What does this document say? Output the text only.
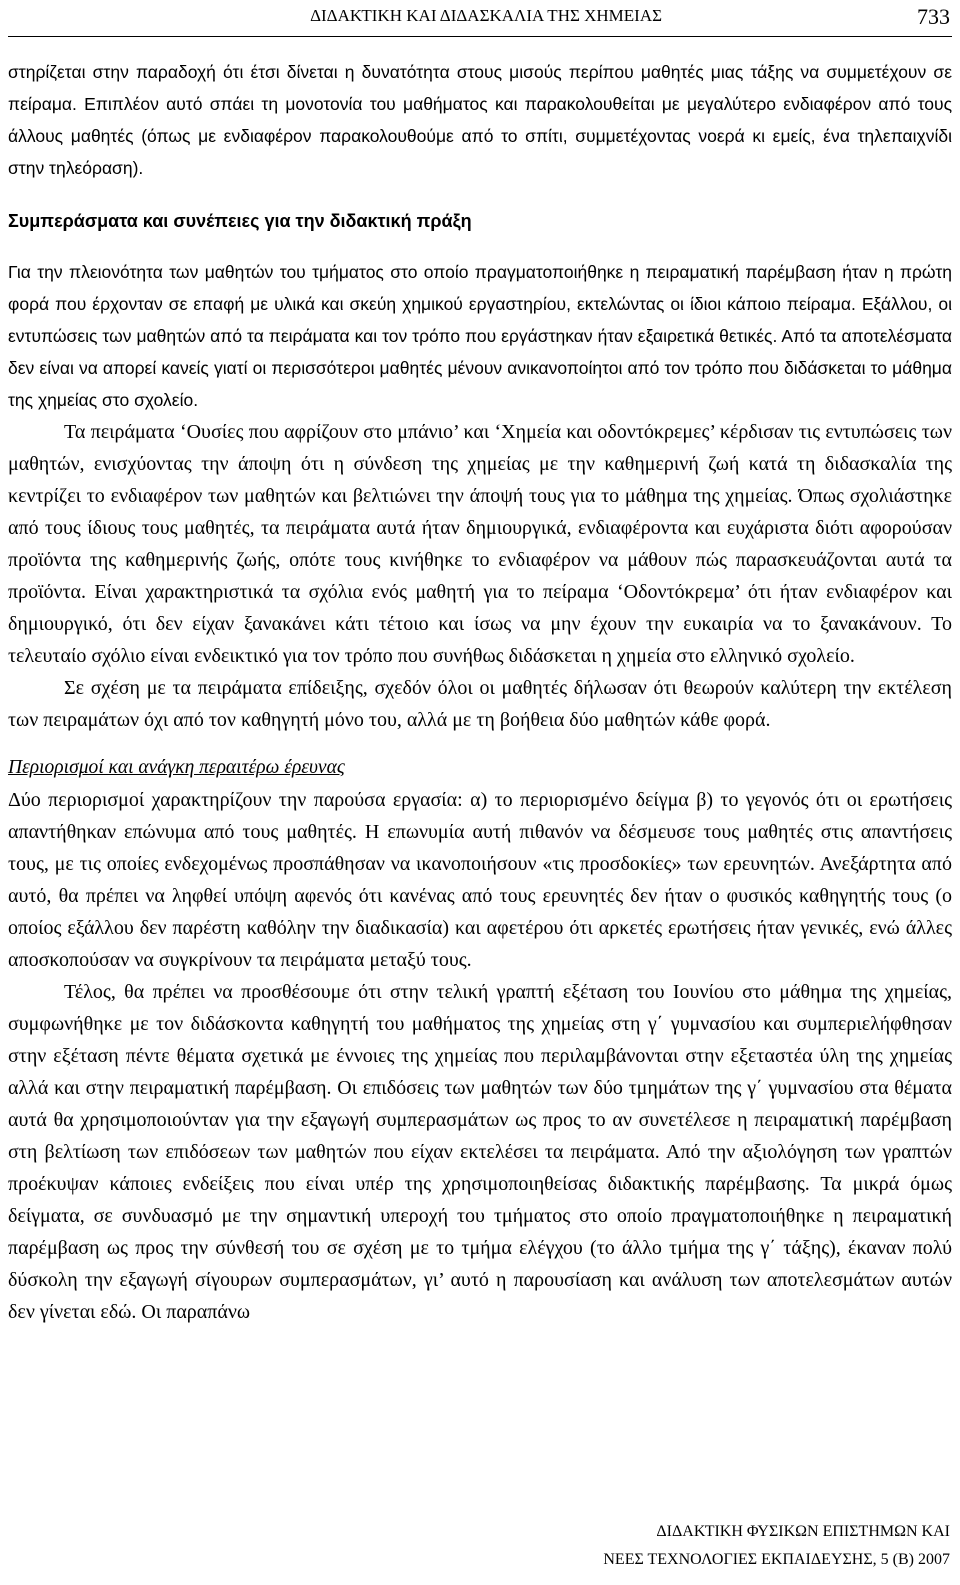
ΔΙΔΑΚΤΙΚΗ ΚΑΙ ΔΙΔΑΣΚΑΛΙΑ ΤΗΣ ΧΗΜΕΙΑΣ	733

στηρίζεται στην παραδοχή ότι έτσι δίνεται η δυνατότητα στους μισούς περίπου μαθητές μιας τάξης να συμμετέχουν σε πείραμα. Επιπλέον αυτό σπάει τη μονοτονία του μαθήματος και παρακολουθείται με μεγαλύτερο ενδιαφέρον από τους άλλους μαθητές (όπως με ενδιαφέρον παρακολουθούμε από το σπίτι, συμμετέχοντας νοερά κι εμείς, ένα τηλεπαιχνίδι στην τηλεόραση).

Συμπεράσματα και συνέπειες για την διδακτική πράξη

Για την πλειονότητα των μαθητών του τμήματος στο οποίο πραγματοποιήθηκε η πειραματική παρέμβαση ήταν η πρώτη φορά που έρχονταν σε επαφή με υλικά και σκεύη χημικού εργαστηρίου, εκτελώντας οι ίδιοι κάποιο πείραμα. Εξάλλου, οι εντυπώσεις των μαθητών από τα πειράματα και τον τρόπο που εργάστηκαν ήταν εξαιρετικά θετικές. Από τα αποτελέσματα δεν είναι να απορεί κανείς γιατί οι περισσότεροι μαθητές μένουν ανικανοποίητοι από τον τρόπο που διδάσκεται το μάθημα της χημείας στο σχολείο.

Τα πειράματα ‘Ουσίες που αφρίζουν στο μπάνιο’ και ‘Χημεία και οδοντόκρεμες’ κέρδισαν τις εντυπώσεις των μαθητών, ενισχύοντας την άποψη ότι η σύνδεση της χημείας με την καθημερινή ζωή κατά τη διδασκαλία της κεντρίζει το ενδιαφέρον των μαθητών και βελτιώνει την άποψή τους για το μάθημα της χημείας. Όπως σχολιάστηκε από τους ίδιους τους μαθητές, τα πειράματα αυτά ήταν δημιουργικά, ενδιαφέροντα και ευχάριστα διότι αφορούσαν προϊόντα της καθημερινής ζωής, οπότε τους κινήθηκε το ενδιαφέρον να μάθουν πώς παρασκευάζονται αυτά τα προϊόντα. Είναι χαρακτηριστικά τα σχόλια ενός μαθητή για το πείραμα ‘Οδοντόκρεμα’ ότι ήταν ενδιαφέρον και δημιουργικό, ότι δεν είχαν ξανακάνει κάτι τέτοιο και ίσως να μην έχουν την ευκαιρία να το ξανακάνουν. Το τελευταίο σχόλιο είναι ενδεικτικό για τον τρόπο που συνήθως διδάσκεται η χημεία στο ελληνικό σχολείο.

Σε σχέση με τα πειράματα επίδειξης, σχεδόν όλοι οι μαθητές δήλωσαν ότι θεωρούν καλύτερη την εκτέλεση των πειραμάτων όχι από τον καθηγητή μόνο του, αλλά με τη βοήθεια δύο μαθητών κάθε φορά.

Περιορισμοί και ανάγκη περαιτέρω έρευνας

Δύο περιορισμοί χαρακτηρίζουν την παρούσα εργασία: α) το περιορισμένο δείγμα β) το γεγονός ότι οι ερωτήσεις απαντήθηκαν επώνυμα από τους μαθητές. Η επωνυμία αυτή πιθανόν να δέσμευσε τους μαθητές στις απαντήσεις τους, με τις οποίες ενδεχομένως προσπάθησαν να ικανοποιήσουν «τις προσδοκίες» των ερευνητών. Ανεξάρτητα από αυτό, θα πρέπει να ληφθεί υπόψη αφενός ότι κανένας από τους ερευνητές δεν ήταν ο φυσικός καθηγητής τους (ο οποίος εξάλλου δεν παρέστη καθόλην την διαδικασία) και αφετέρου ότι αρκετές ερωτήσεις ήταν γενικές, ενώ άλλες αποσκοπούσαν να συγκρίνουν τα πειράματα μεταξύ τους.

Τέλος, θα πρέπει να προσθέσουμε ότι στην τελική γραπτή εξέταση του Ιουνίου στο μάθημα της χημείας, συμφωνήθηκε με τον διδάσκοντα καθηγητή του μαθήματος της χημείας στη γ΄ γυμνασίου και συμπεριελήφθησαν στην εξέταση πέντε θέματα σχετικά με έννοιες της χημείας που περιλαμβάνονται στην εξεταστέα ύλη της χημείας αλλά και στην πειραματική παρέμβαση. Οι επιδόσεις των μαθητών των δύο τμημάτων της γ΄ γυμνασίου στα θέματα αυτά θα χρησιμοποιούνταν για την εξαγωγή συμπερασμάτων ως προς το αν συνετέλεσε η πειραματική παρέμβαση στη βελτίωση των επιδόσεων των μαθητών που είχαν εκτελέσει τα πειράματα. Από την αξιολόγηση των γραπτών προέκυψαν κάποιες ενδείξεις που είναι υπέρ της χρησιμοποιηθείσας διδακτικής παρέμβασης. Τα μικρά όμως δείγματα, σε συνδυασμό με την σημαντική υπεροχή του τμήματος στο οποίο πραγματοποιήθηκε η πειραματική παρέμβαση ως προς την σύνθεσή του σε σχέση με το τμήμα ελέγχου (το άλλο τμήμα της γ΄ τάξης), έκαναν πολύ δύσκολη την εξαγωγή σίγουρων συμπερασμάτων, γι’ αυτό η παρουσίαση και ανάλυση των αποτελεσμάτων αυτών δεν γίνεται εδώ. Οι παραπάνω

ΔΙΔΑΚΤΙΚΗ ΦΥΣΙΚΩΝ ΕΠΙΣΤΗΜΩΝ ΚΑΙ
ΝΕΕΣ ΤΕΧΝΟΛΟΓΙΕΣ ΕΚΠΑΙΔΕΥΣΗΣ, 5 (Β) 2007
